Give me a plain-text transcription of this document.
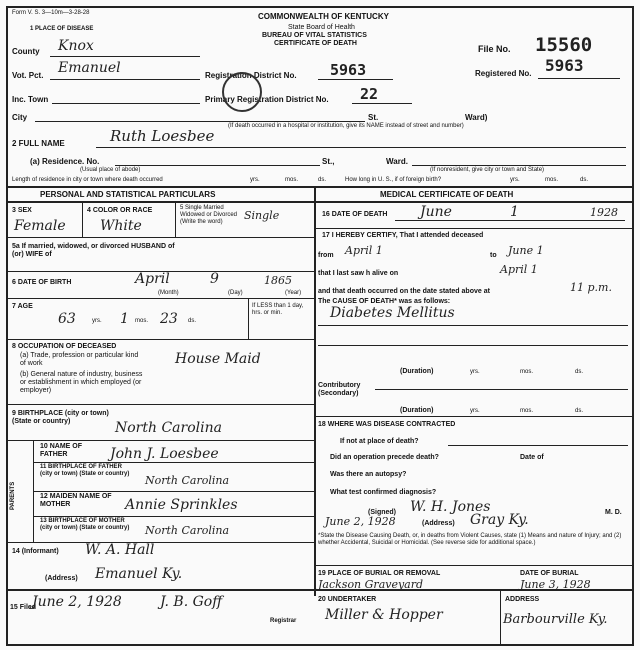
Form V. S. 3—10m—3-28-28
1 PLACE OF DISEASE
COMMONWEALTH OF KENTUCKY
State Board of Health
BUREAU OF VITAL STATISTICS
CERTIFICATE OF DEATH
File No. 15560
County Knox
Vot. Pct. Emanuel	Registration District No. 5963	Registered No. 5963
Inc. Town	Primary Registration District No. 22
City	St.	Ward)
(If death occurred in a hospital or institution, give its NAME instead of street and number)
2 FULL NAME	Ruth Loesbee
(a) Residence. No.	St.,	Ward.
(Usual place of abode)	(If nonresident, give city or town and State)
Length of residence in city or town where death occurred	yrs.	mos.	ds.	How long in U. S., if of foreign birth?	yrs.	mos.	ds.
PERSONAL AND STATISTICAL PARTICULARS	MEDICAL CERTIFICATE OF DEATH
3 SEX
Female
4 COLOR OR RACE
White
5 Single Married Widowed or Divorced (Write the word)	Single
5a If married, widowed, or divorced HUSBAND of (or) WIFE of
6 DATE OF BIRTH	April	9	1865
(Month)	(Day)	(Year)
7 AGE
63	yrs. 1 mos. 23 ds.
If LESS than 1 day, hrs. or min.
8 OCCUPATION OF DECEASED
(a) Trade, profession or particular kind of work	House Maid
(b) General nature of industry, business or establishment in which employed (or employer)
9 BIRTHPLACE (city or town) (State or country)	North Carolina
PARENTS
10 NAME OF FATHER	John J. Loesbee
11 BIRTHPLACE OF FATHER (city or town) (State or country)	North Carolina
12 MAIDEN NAME OF MOTHER	Annie Sprinkles
13 BIRTHPLACE OF MOTHER (city or town) (State or country)	North Carolina
14 (Informant) W. A. Hall
(Address) Emanuel Ky.
15 Filed
June 2, 1928	J. B. Goff
Registrar
16 DATE OF DEATH June	1	1928
17 I HEREBY CERTIFY, That I attended deceased
from April 1	to June 1
that I last saw h alive on	April 1
and that death occurred on the date stated above at	11 p.m.
The CAUSE OF DEATH* was as follows:
Diabetes Mellitus
(Duration)	yrs.	mos.	ds.
Contributory (Secondary)
(Duration)	yrs.	mos.	ds.
18 WHERE WAS DISEASE CONTRACTED
If not at place of death?
Did an operation precede death?	Date of
Was there an autopsy?
What test confirmed diagnosis?
(Signed) W. H. Jones	M. D.
June 2, 1928	(Address) Gray Ky.
*State the Disease Causing Death, or, in deaths from Violent Causes, state (1) Means and nature of Injury; and (2) whether Accidental, Suicidal or Homicidal. (See reverse side for additional space.)
19 PLACE OF BURIAL OR REMOVAL	DATE OF BURIAL
Jackson Graveyard	June 3, 1928
20 UNDERTAKER
Miller & Hopper
ADDRESS
Barbourville Ky.
